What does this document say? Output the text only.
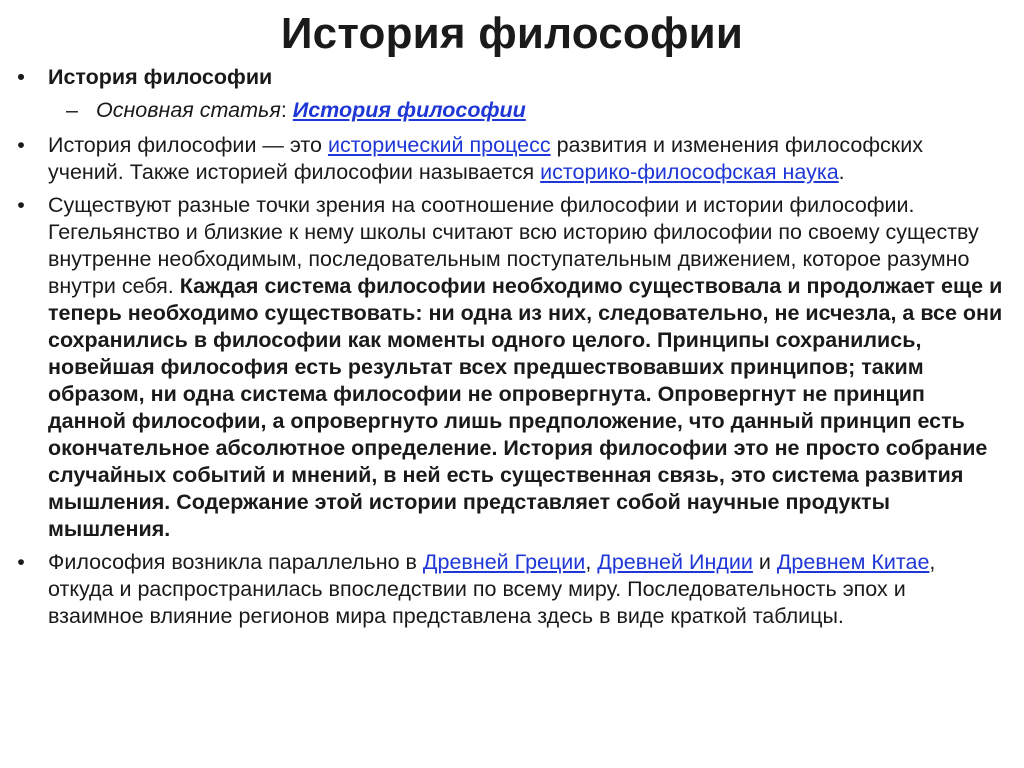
История философии
• История философии
– Основная статья: История философии
• История философии — это исторический процесс развития и изменения философских учений. Также историей философии называется историко-философская наука.
• Существуют разные точки зрения на соотношение философии и истории философии. Гегельянство и близкие к нему школы считают всю историю философии по своему существу внутренне необходимым, последовательным поступательным движением, которое разумно внутри себя. Каждая система философии необходимо существовала и продолжает еще и теперь необходимо существовать: ни одна из них, следовательно, не исчезла, а все они сохранились в философии как моменты одного целого. Принципы сохранились, новейшая философия есть результат всех предшествовавших принципов; таким образом, ни одна система философии не опровергнута. Опровергнут не принцип данной философии, а опровергнуто лишь предположение, что данный принцип есть окончательное абсолютное определение. История философии это не просто собрание случайных событий и мнений, в ней есть существенная связь, это система развития мышления. Содержание этой истории представляет собой научные продукты мышления.
• Философия возникла параллельно в Древней Греции, Древней Индии и Древнем Китае, откуда и распространилась впоследствии по всему миру. Последовательность эпох и взаимное влияние регионов мира представлена здесь в виде краткой таблицы.
